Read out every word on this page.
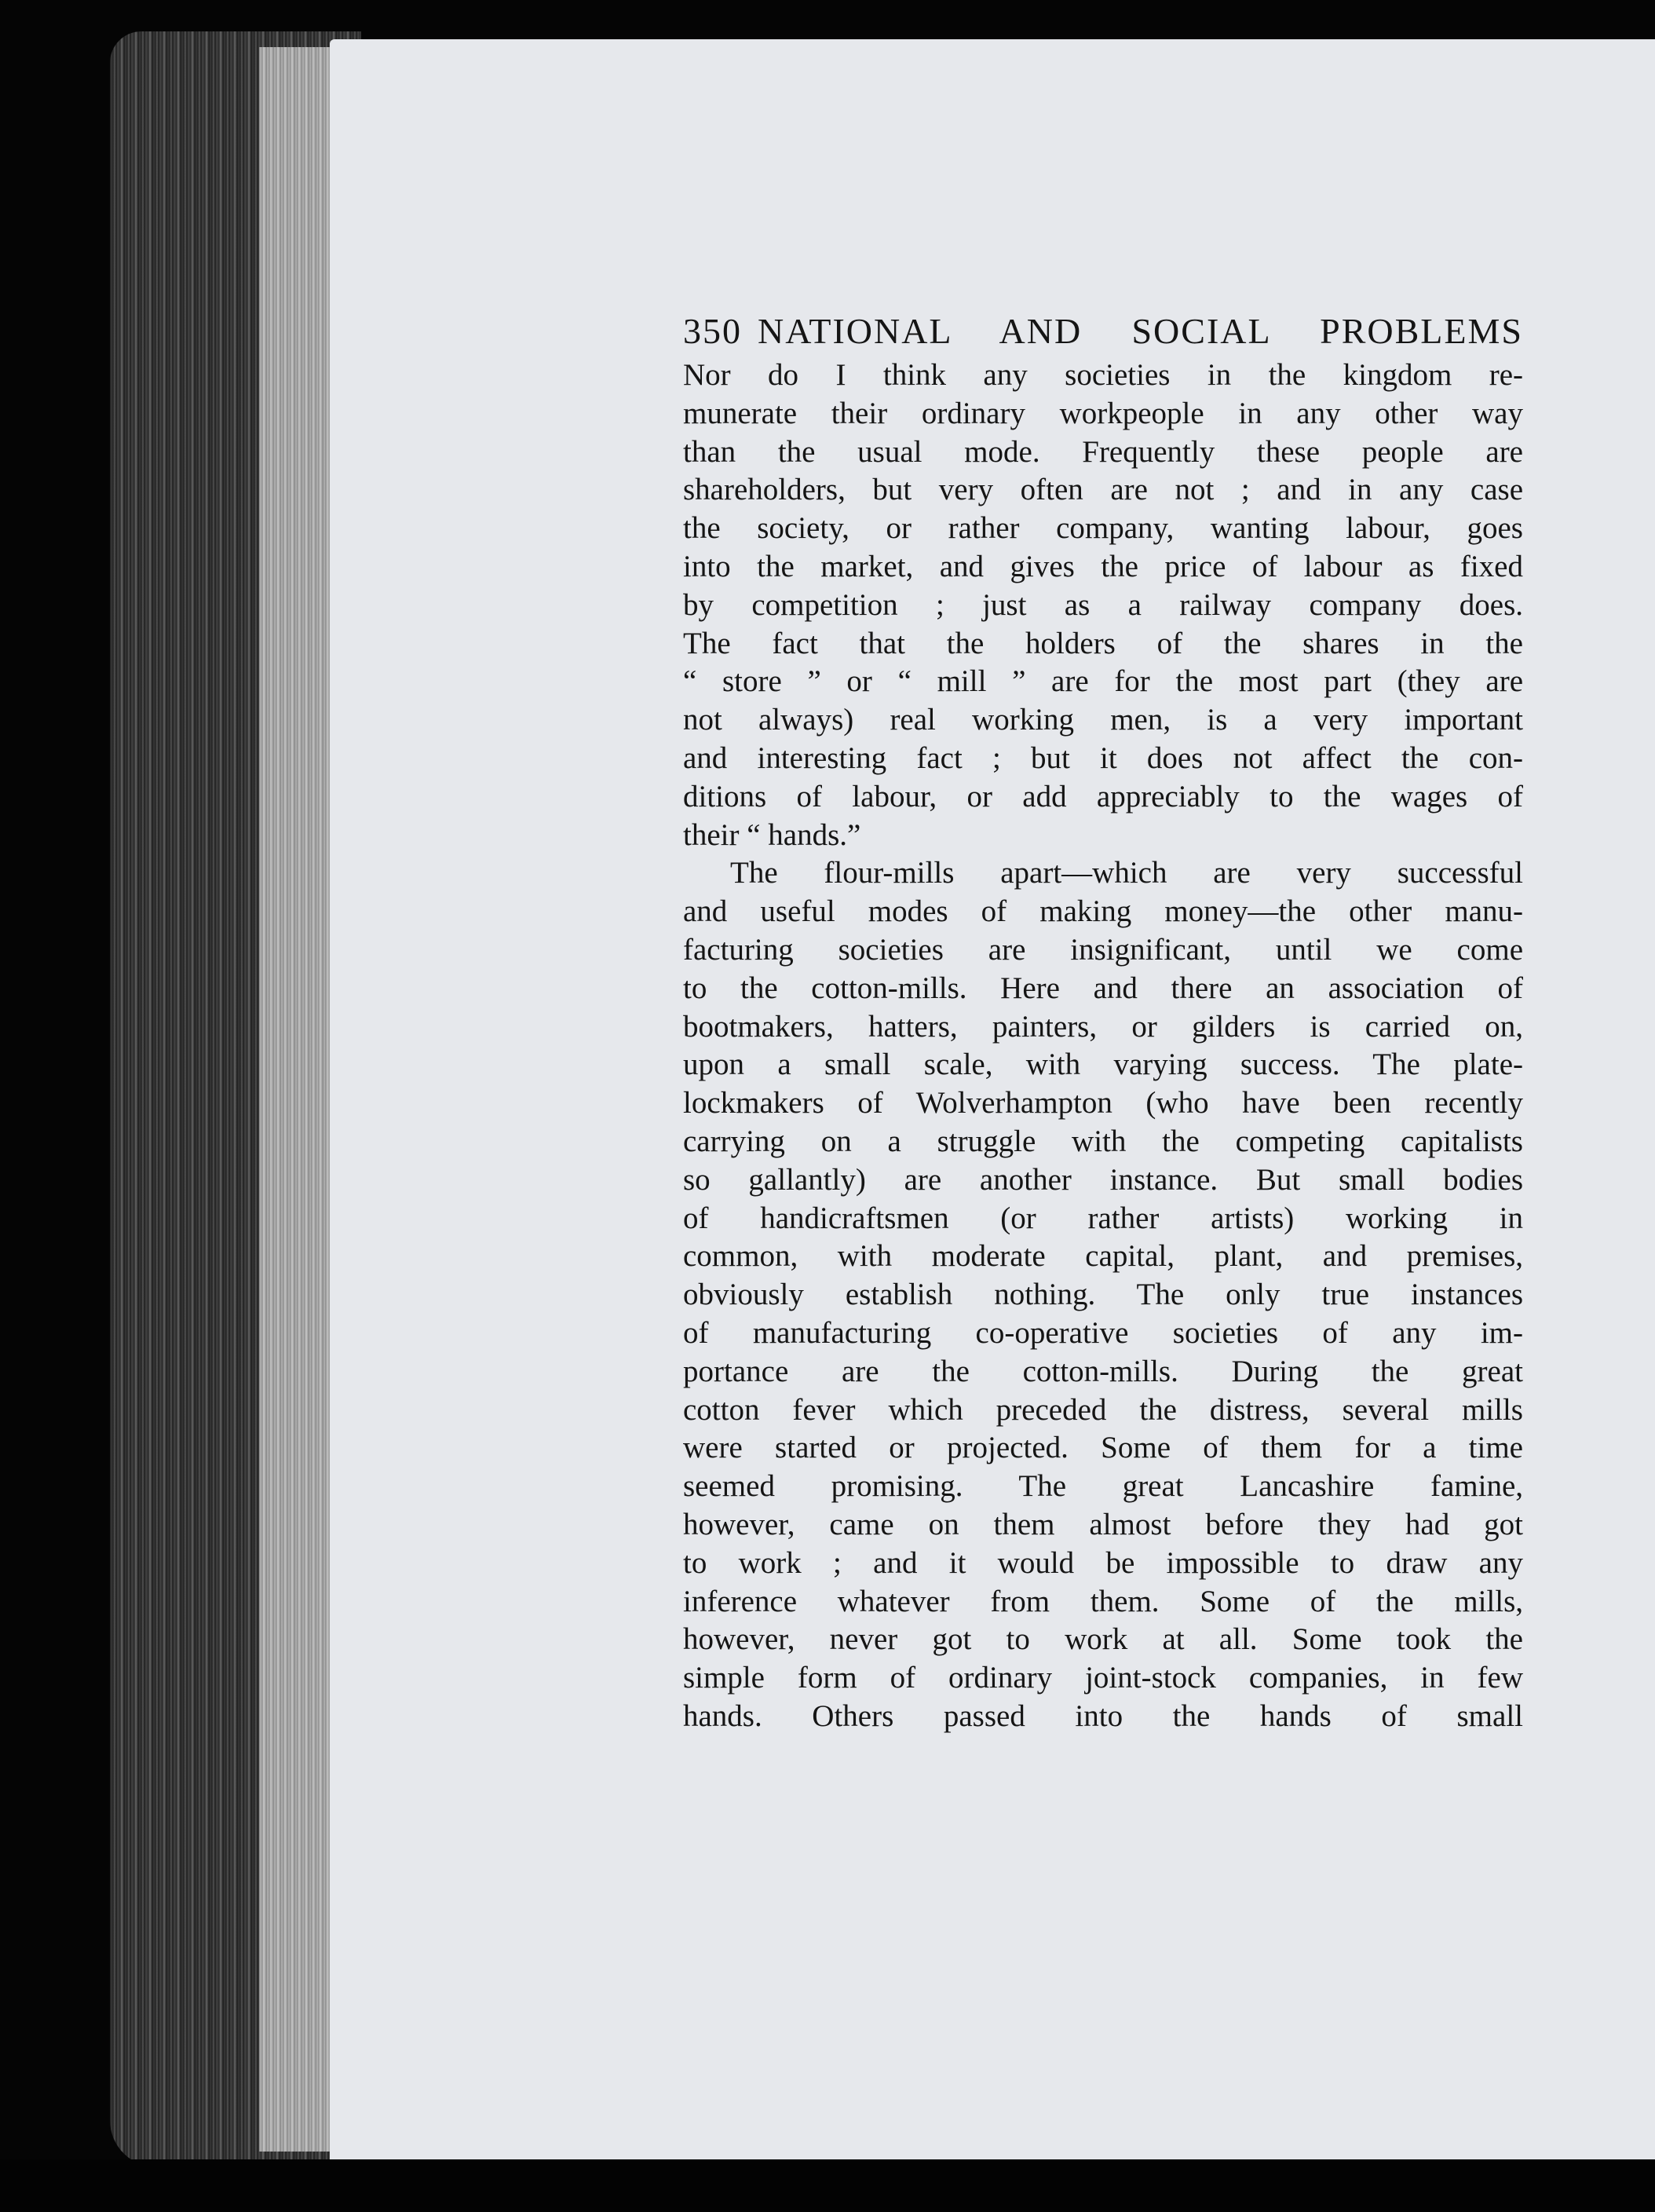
350 NATIONAL AND SOCIAL PROBLEMS

Nor do I think any societies in the kingdom re-
munerate their ordinary workpeople in any other way
than the usual mode. Frequently these people are
shareholders, but very often are not ; and in any case
the society, or rather company, wanting labour, goes
into the market, and gives the price of labour as fixed
by competition ; just as a railway company does.
The fact that the holders of the shares in the
“ store ” or “ mill ” are for the most part (they are
not always) real working men, is a very important
and interesting fact ; but it does not affect the con-
ditions of labour, or add appreciably to the wages of
their “ hands.”

The flour-mills apart—which are very successful
and useful modes of making money—the other manu-
facturing societies are insignificant, until we come
to the cotton-mills. Here and there an association of
bootmakers, hatters, painters, or gilders is carried on,
upon a small scale, with varying success. The plate-
lockmakers of Wolverhampton (who have been recently
carrying on a struggle with the competing capitalists
so gallantly) are another instance. But small bodies
of handicraftsmen (or rather artists) working in
common, with moderate capital, plant, and premises,
obviously establish nothing. The only true instances
of manufacturing co-operative societies of any im-
portance are the cotton-mills. During the great
cotton fever which preceded the distress, several mills
were started or projected. Some of them for a time
seemed promising. The great Lancashire famine,
however, came on them almost before they had got
to work ; and it would be impossible to draw any
inference whatever from them. Some of the mills,
however, never got to work at all. Some took the
simple form of ordinary joint-stock companies, in few
hands. Others passed into the hands of small
